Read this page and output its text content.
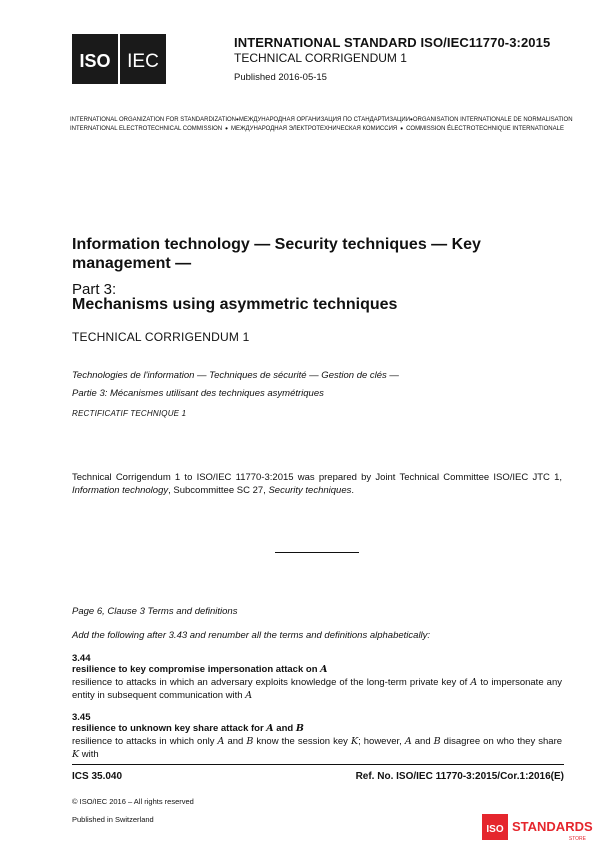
ISO IEC
INTERNATIONAL STANDARD ISO/IEC11770-3:2015
TECHNICAL CORRIGENDUM 1
Published 2016-05-15
INTERNATIONAL ORGANIZATION FOR STANDARDIZATION • МЕЖДУНАРОДНАЯ ОРГАНИЗАЦИЯ ПО СТАНДАРТИЗАЦИИ • ORGANISATION INTERNATIONALE DE NORMALISATION
INTERNATIONAL ELECTROTECHNICAL COMMISSION • МЕЖДУНАРОДНАЯ ЭЛЕКТРОТЕХНИЧЕСКАЯ КОМИССИЯ • COMMISSION ÉLECTROTECHNIQUE INTERNATIONALE
Information technology — Security techniques — Key management —
Part 3:
Mechanisms using asymmetric techniques
TECHNICAL CORRIGENDUM 1
Technologies de l'information — Techniques de sécurité — Gestion de clés —
Partie 3: Mécanismes utilisant des techniques asymétriques
RECTIFICATIF TECHNIQUE 1
Technical Corrigendum 1 to ISO/IEC 11770-3:2015 was prepared by Joint Technical Committee ISO/IEC JTC 1, Information technology, Subcommittee SC 27, Security techniques.
Page 6, Clause 3 Terms and definitions
Add the following after 3.43 and renumber all the terms and definitions alphabetically:
3.44
resilience to key compromise impersonation attack on A
resilience to attacks in which an adversary exploits knowledge of the long-term private key of A to impersonate any entity in subsequent communication with A
3.45
resilience to unknown key share attack for A and B
resilience to attacks in which only A and B know the session key K; however, A and B disagree on who they share K with
ICS 35.040	Ref. No. ISO/IEC 11770-3:2015/Cor.1:2016(E)
© ISO/IEC 2016 – All rights reserved
Published in Switzerland
ISO STANDARDS
STORE
